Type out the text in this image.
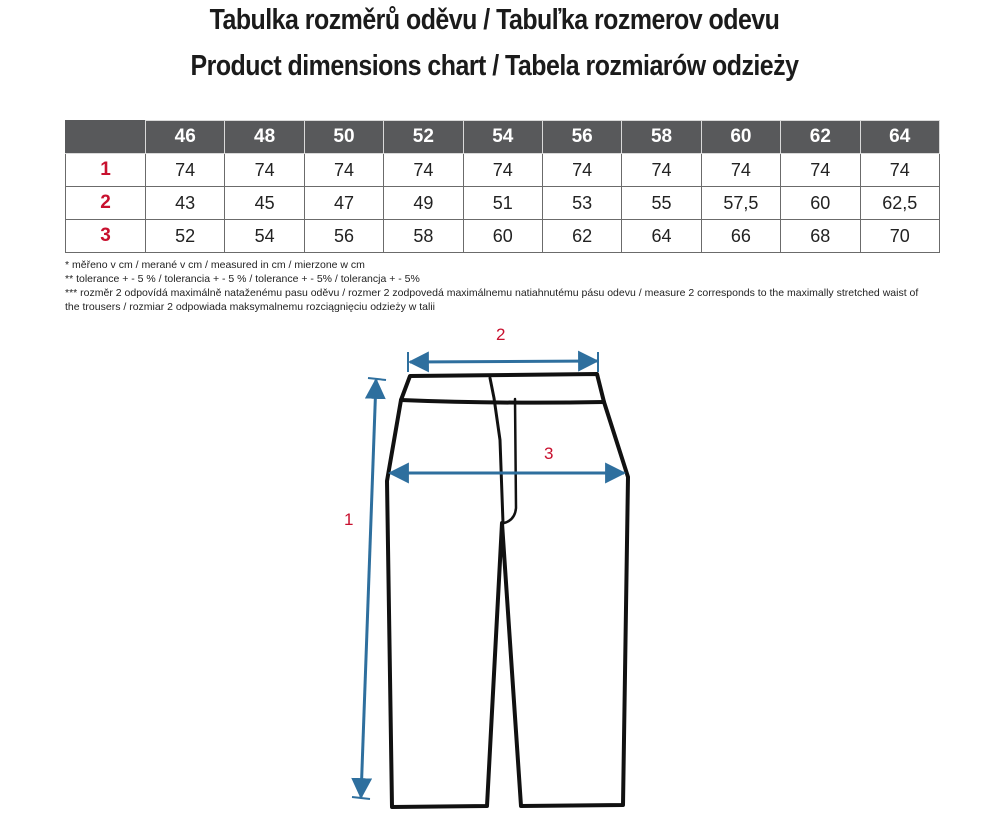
Tabulka rozměrů oděvu / Tabuľka rozmerov odevu
Product dimensions chart / Tabela rozmiarów odzieży
	46	48	50	52	54	56	58	60	62	64
1	74	74	74	74	74	74	74	74	74	74
2	43	45	47	49	51	53	55	57,5	60	62,5
3	52	54	56	58	60	62	64	66	68	70

* měřeno v cm / merané v cm / measured in cm / mierzone w cm

** tolerance + - 5 % / tolerancia + - 5 % / tolerance + - 5% / tolerancja + - 5%

*** rozměr 2 odpovídá maximálně nataženému pasu oděvu / rozmer 2 zodpovedá maximálnemu natiahnutému pásu odevu / measure 2 corresponds to the maximally stretched waist of the trousers / rozmiar 2 odpowiada maksymalnemu rozciągnięciu odzieży w talii

1
2
3
